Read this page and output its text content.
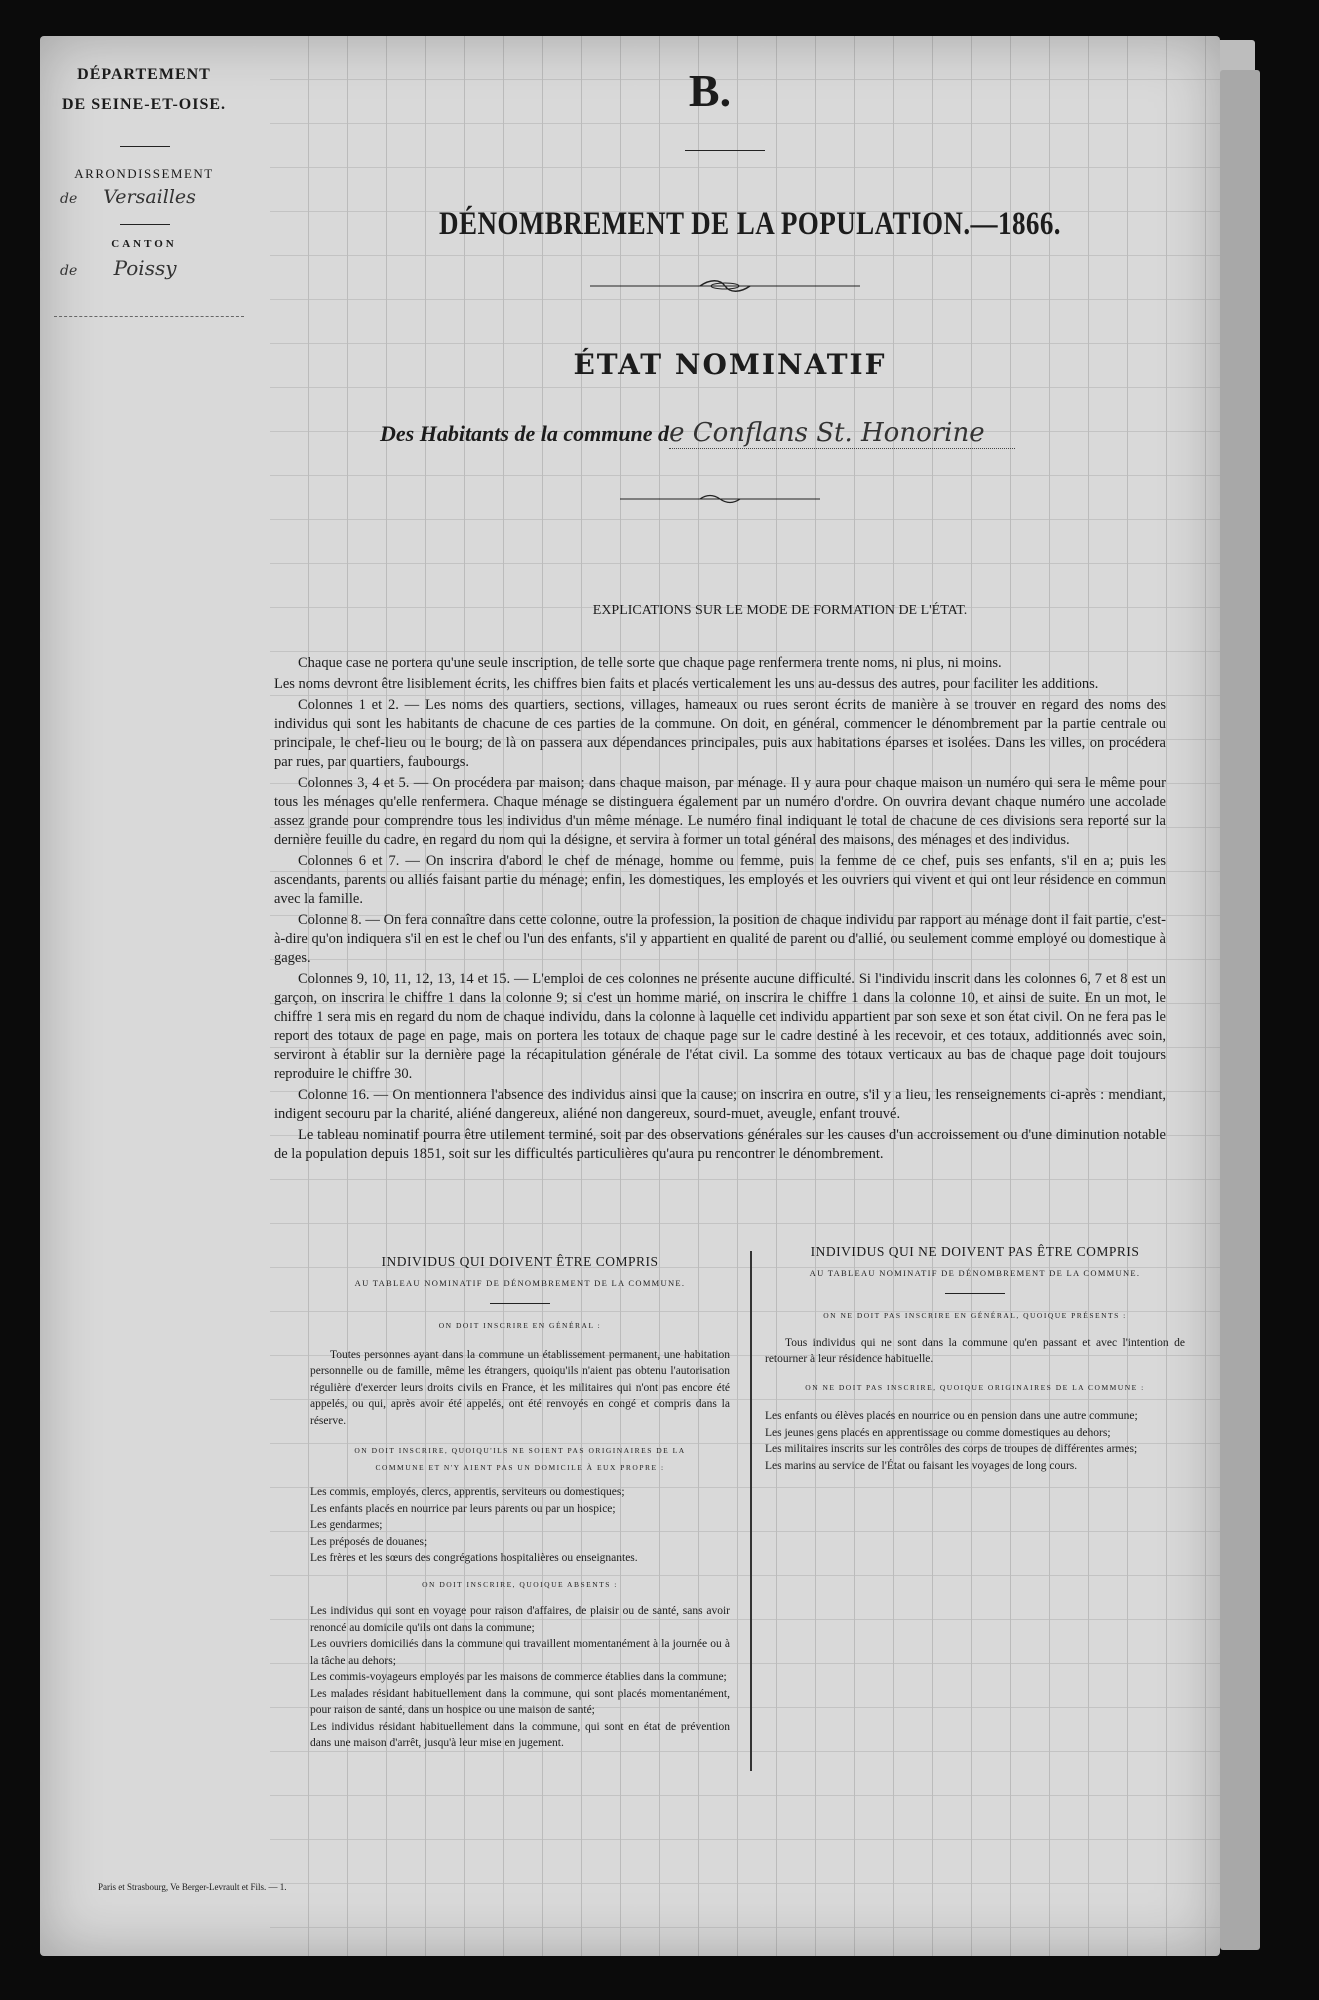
DÉPARTEMENT
DE SEINE-ET-OISE.
ARRONDISSEMENT
de Versailles
CANTON
de Poissy
B.
DÉNOMBREMENT DE LA POPULATION.—1866.
ÉTAT NOMINATIF
Des Habitants de la commune de Conflans St. Honorine
EXPLICATIONS SUR LE MODE DE FORMATION DE L'ÉTAT.

Chaque case ne portera qu'une seule inscription, de telle sorte que chaque page renfermera trente noms, ni plus, ni moins.

Les noms devront être lisiblement écrits, les chiffres bien faits et placés verticalement les uns au-dessus des autres, pour faciliter les additions.

Colonnes 1 et 2. — Les noms des quartiers, sections, villages, hameaux ou rues seront écrits de manière à se trouver en regard des noms des individus qui sont les habitants de chacune de ces parties de la commune. On doit, en général, commencer le dénombrement par la partie centrale ou principale, le chef-lieu ou le bourg; de là on passera aux dépendances principales, puis aux habitations éparses et isolées. Dans les villes, on procédera par rues, par quartiers, faubourgs.

Colonnes 3, 4 et 5. — On procédera par maison; dans chaque maison, par ménage. Il y aura pour chaque maison un numéro qui sera le même pour tous les ménages qu'elle renfermera. Chaque ménage se distinguera également par un numéro d'ordre. On ouvrira devant chaque numéro une accolade assez grande pour comprendre tous les individus d'un même ménage. Le numéro final indiquant le total de chacune de ces divisions sera reporté sur la dernière feuille du cadre, en regard du nom qui la désigne, et servira à former un total général des maisons, des ménages et des individus.

Colonnes 6 et 7. — On inscrira d'abord le chef de ménage, homme ou femme, puis la femme de ce chef, puis ses enfants, s'il en a; puis les ascendants, parents ou alliés faisant partie du ménage; enfin, les domestiques, les employés et les ouvriers qui vivent et qui ont leur résidence en commun avec la famille.

Colonne 8. — On fera connaître dans cette colonne, outre la profession, la position de chaque individu par rapport au ménage dont il fait partie, c'est-à-dire qu'on indiquera s'il en est le chef ou l'un des enfants, s'il y appartient en qualité de parent ou d'allié, ou seulement comme employé ou domestique à gages.

Colonnes 9, 10, 11, 12, 13, 14 et 15. — L'emploi de ces colonnes ne présente aucune difficulté. Si l'individu inscrit dans les colonnes 6, 7 et 8 est un garçon, on inscrira le chiffre 1 dans la colonne 9; si c'est un homme marié, on inscrira le chiffre 1 dans la colonne 10, et ainsi de suite. En un mot, le chiffre 1 sera mis en regard du nom de chaque individu, dans la colonne à laquelle cet individu appartient par son sexe et son état civil. On ne fera pas le report des totaux de page en page, mais on portera les totaux de chaque page sur le cadre destiné à les recevoir, et ces totaux, additionnés avec soin, serviront à établir sur la dernière page la récapitulation générale de l'état civil. La somme des totaux verticaux au bas de chaque page doit toujours reproduire le chiffre 30.

Colonne 16. — On mentionnera l'absence des individus ainsi que la cause; on inscrira en outre, s'il y a lieu, les renseignements ci-après : mendiant, indigent secouru par la charité, aliéné dangereux, aliéné non dangereux, sourd-muet, aveugle, enfant trouvé.

Le tableau nominatif pourra être utilement terminé, soit par des observations générales sur les causes d'un accroissement ou d'une diminution notable de la population depuis 1851, soit sur les difficultés particulières qu'aura pu rencontrer le dénombrement.

INDIVIDUS QUI DOIVENT ÊTRE COMPRIS
AU TABLEAU NOMINATIF DE DÉNOMBREMENT DE LA COMMUNE.
ON DOIT INSCRIRE EN GÉNÉRAL :

Toutes personnes ayant dans la commune un établissement permanent, une habitation personnelle ou de famille, même les étrangers, quoiqu'ils n'aient pas obtenu l'autorisation régulière d'exercer leurs droits civils en France, et les militaires qui n'ont pas encore été appelés, ou qui, après avoir été appelés, ont été renvoyés en congé et compris dans la réserve.

ON DOIT INSCRIRE, QUOIQU'ILS NE SOIENT PAS ORIGINAIRES DE LA COMMUNE ET N'Y AIENT PAS UN DOMICILE À EUX PROPRE :

Les commis, employés, clercs, apprentis, serviteurs ou domestiques;

Les enfants placés en nourrice par leurs parents ou par un hospice;

Les gendarmes;

Les préposés de douanes;

Les frères et les sœurs des congrégations hospitalières ou enseignantes.

ON DOIT INSCRIRE, QUOIQUE ABSENTS :

Les individus qui sont en voyage pour raison d'affaires, de plaisir ou de santé, sans avoir renoncé au domicile qu'ils ont dans la commune;

Les ouvriers domiciliés dans la commune qui travaillent momentanément à la journée ou à la tâche au dehors;

Les commis-voyageurs employés par les maisons de commerce établies dans la commune;

Les malades résidant habituellement dans la commune, qui sont placés momentanément, pour raison de santé, dans un hospice ou une maison de santé;

Les individus résidant habituellement dans la commune, qui sont en état de prévention dans une maison d'arrêt, jusqu'à leur mise en jugement.

INDIVIDUS QUI NE DOIVENT PAS ÊTRE COMPRIS
AU TABLEAU NOMINATIF DE DÉNOMBREMENT DE LA COMMUNE.
ON NE DOIT PAS INSCRIRE EN GÉNÉRAL, QUOIQUE PRÉSENTS :

Tous individus qui ne sont dans la commune qu'en passant et avec l'intention de retourner à leur résidence habituelle.

ON NE DOIT PAS INSCRIRE, QUOIQUE ORIGINAIRES DE LA COMMUNE :

Les enfants ou élèves placés en nourrice ou en pension dans une autre commune;

Les jeunes gens placés en apprentissage ou comme domestiques au dehors;

Les militaires inscrits sur les contrôles des corps de troupes de différentes armes;

Les marins au service de l'État ou faisant les voyages de long cours.

Paris et Strasbourg, Ve Berger-Levrault et Fils. — 1.
